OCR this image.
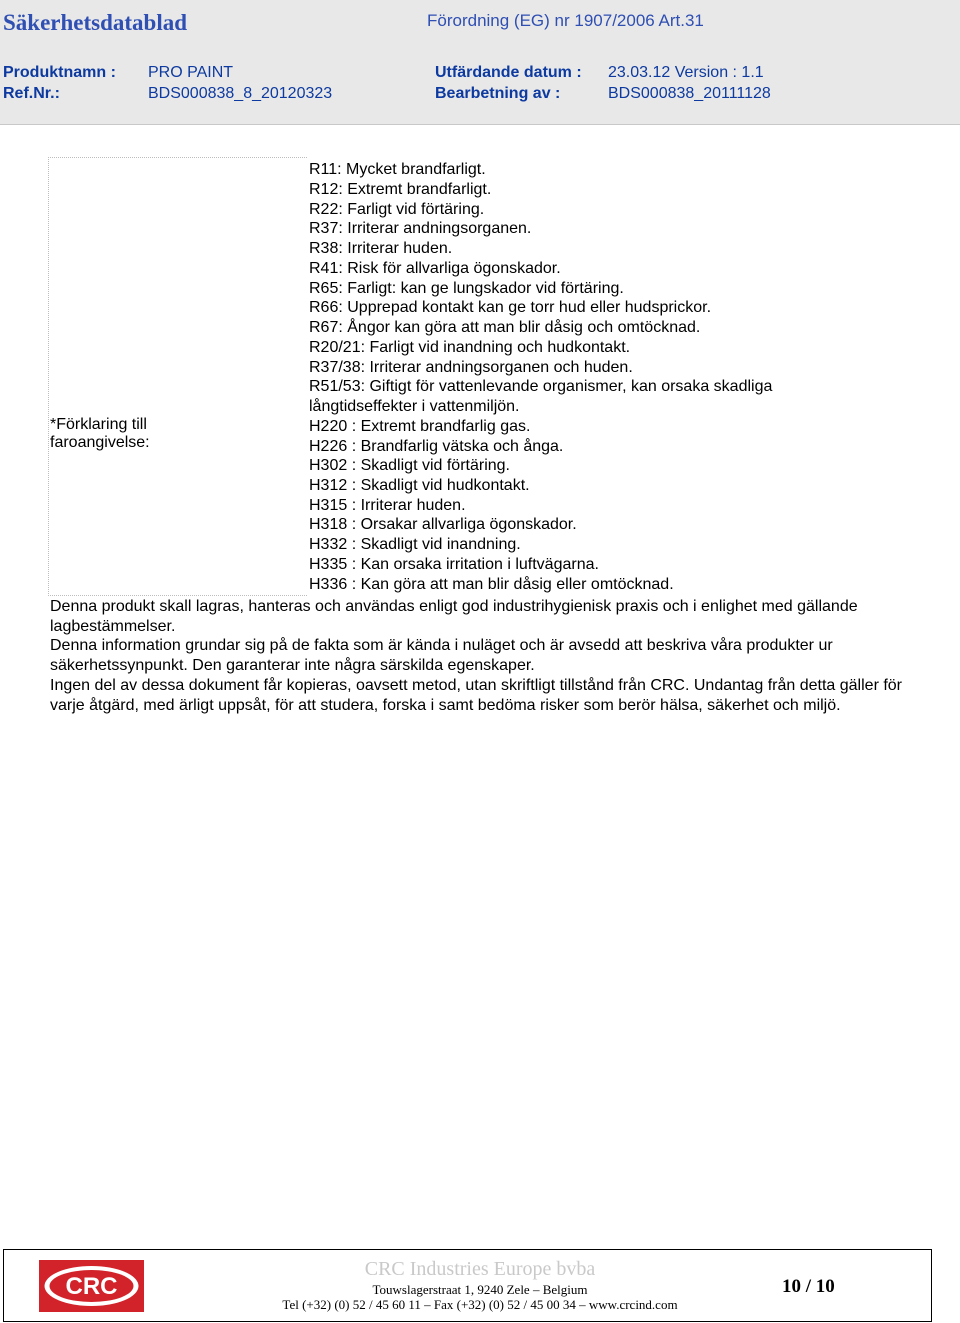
Säkerhetsdatablad	Förordning (EG) nr 1907/2006 Art.31
Produktnamn : PRO PAINT	Utfärdande datum : 23.03.12 Version : 1.1
Ref.Nr.:	BDS000838_8_20120323	Bearbetning av :	BDS000838_20111128
R11: Mycket brandfarligt.
R12: Extremt brandfarligt.
R22: Farligt vid förtäring.
R37: Irriterar andningsorganen.
R38: Irriterar huden.
R41: Risk för allvarliga ögonskador.
R65: Farligt: kan ge lungskador vid förtäring.
R66: Upprepad kontakt kan ge torr hud eller hudsprickor.
R67: Ångor kan göra att man blir dåsig och omtöcknad.
R20/21: Farligt vid inandning och hudkontakt.
R37/38: Irriterar andningsorganen och huden.
R51/53: Giftigt för vattenlevande organismer, kan orsaka skadliga
långtidseffekter i vattenmiljön.
*Förklaring till faroangivelse:
H220 : Extremt brandfarlig gas.
H226 : Brandfarlig vätska och ånga.
H302 : Skadligt vid förtäring.
H312 : Skadligt vid hudkontakt.
H315 : Irriterar huden.
H318 : Orsakar allvarliga ögonskador.
H332 : Skadligt vid inandning.
H335 : Kan orsaka irritation i luftvägarna.
H336 : Kan göra att man blir dåsig eller omtöcknad.
Denna produkt skall lagras, hanteras och användas enligt god industrihygienisk praxis och i enlighet med gällande lagbestämmelser.
Denna information grundar sig på de fakta som är kända i nuläget och är avsedd att beskriva våra produkter ur säkerhetssynpunkt. Den garanterar inte några särskilda egenskaper.
Ingen del av dessa dokument får kopieras, oavsett metod, utan skriftligt tillstånd från CRC. Undantag från detta gäller för varje åtgärd, med ärligt uppsåt, för att studera, forska i samt bedöma risker som berör hälsa, säkerhet och miljö.
CRC
CRC Industries Europe bvba
Touwslagerstraat 1, 9240 Zele – Belgium
Tel (+32) (0) 52 / 45 60 11 – Fax (+32) (0) 52 / 45 00 34 – www.crcind.com
10 / 10
